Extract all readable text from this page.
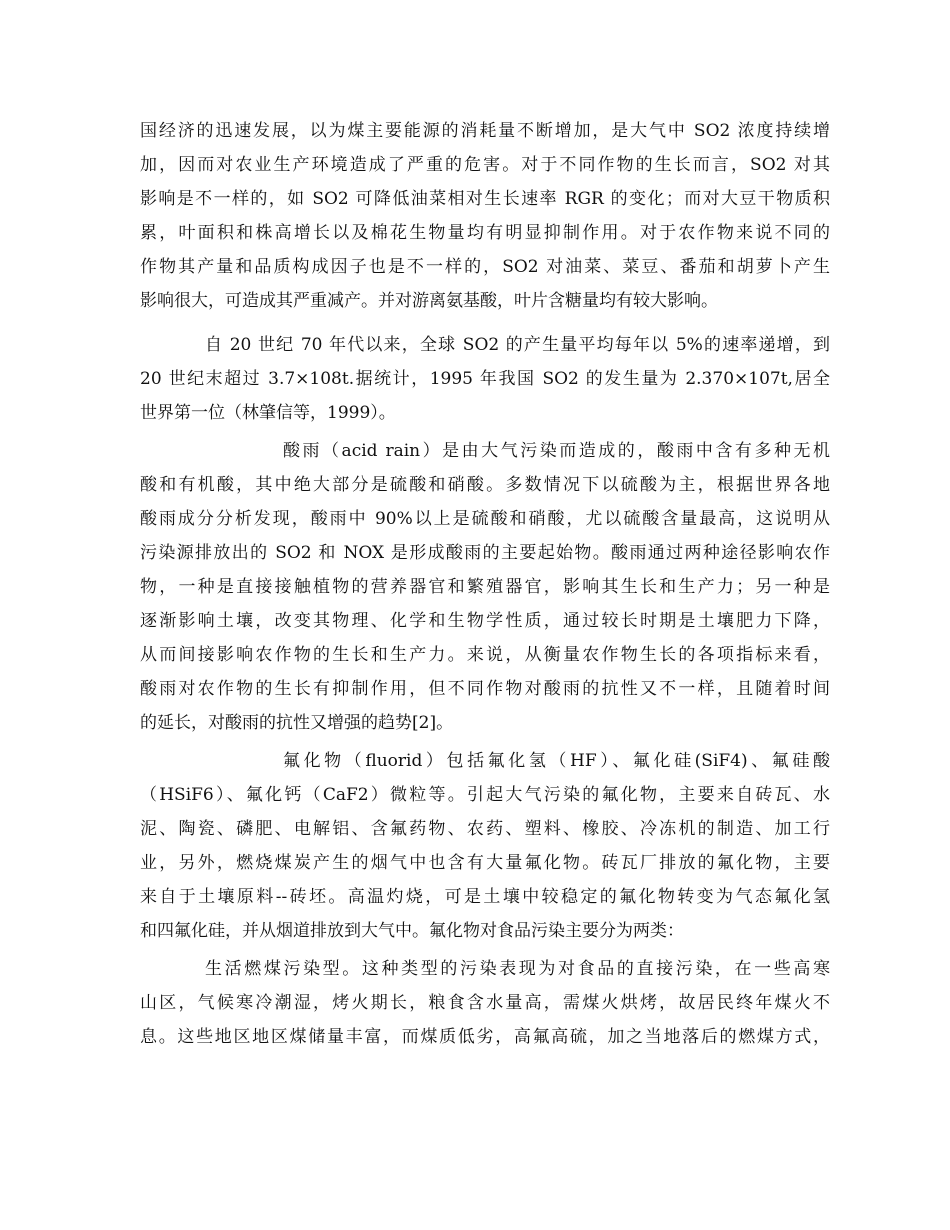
国经济的迅速发展，以为煤主要能源的消耗量不断增加，是大气中 SO2 浓度持续增
加，因而对农业生产环境造成了严重的危害。对于不同作物的生长而言，SO2 对其
影响是不一样的，如 SO2 可降低油菜相对生长速率 RGR 的变化；而对大豆干物质积
累，叶面积和株高增长以及棉花生物量均有明显抑制作用。对于农作物来说不同的
作物其产量和品质构成因子也是不一样的，SO2 对油菜、菜豆、番茄和胡萝卜产生
影响很大，可造成其严重减产。并对游离氨基酸，叶片含糖量均有较大影响。
自 20 世纪 70 年代以来，全球 SO2 的产生量平均每年以 5%的速率递增，到
20 世纪末超过 3.7×108t.据统计，1995 年我国 SO2 的发生量为 2.370×107t,居全
世界第一位（林肇信等，1999）。
酸雨（acid rain）是由大气污染而造成的，酸雨中含有多种无机
酸和有机酸，其中绝大部分是硫酸和硝酸。多数情况下以硫酸为主，根据世界各地
酸雨成分分析发现，酸雨中 90%以上是硫酸和硝酸，尤以硫酸含量最高，这说明从
污染源排放出的 SO2 和 NOX 是形成酸雨的主要起始物。酸雨通过两种途径影响农作
物，一种是直接接触植物的营养器官和繁殖器官，影响其生长和生产力；另一种是
逐渐影响土壤，改变其物理、化学和生物学性质，通过较长时期是土壤肥力下降，
从而间接影响农作物的生长和生产力。来说，从衡量农作物生长的各项指标来看，
酸雨对农作物的生长有抑制作用，但不同作物对酸雨的抗性又不一样，且随着时间
的延长，对酸雨的抗性又增强的趋势[2]。
氟化物（fluorid）包括氟化氢（HF）、氟化硅(SiF4)、氟硅酸
（HSiF6）、氟化钙（CaF2）微粒等。引起大气污染的氟化物，主要来自砖瓦、水
泥、陶瓷、磷肥、电解铝、含氟药物、农药、塑料、橡胶、冷冻机的制造、加工行
业，另外，燃烧煤炭产生的烟气中也含有大量氟化物。砖瓦厂排放的氟化物，主要
来自于土壤原料--砖坯。高温灼烧，可是土壤中较稳定的氟化物转变为气态氟化氢
和四氟化硅，并从烟道排放到大气中。氟化物对食品污染主要分为两类：
生活燃煤污染型。这种类型的污染表现为对食品的直接污染，在一些高寒
山区，气候寒冷潮湿，烤火期长，粮食含水量高，需煤火烘烤，故居民终年煤火不
息。这些地区地区煤储量丰富，而煤质低劣，高氟高硫，加之当地落后的燃煤方式，
